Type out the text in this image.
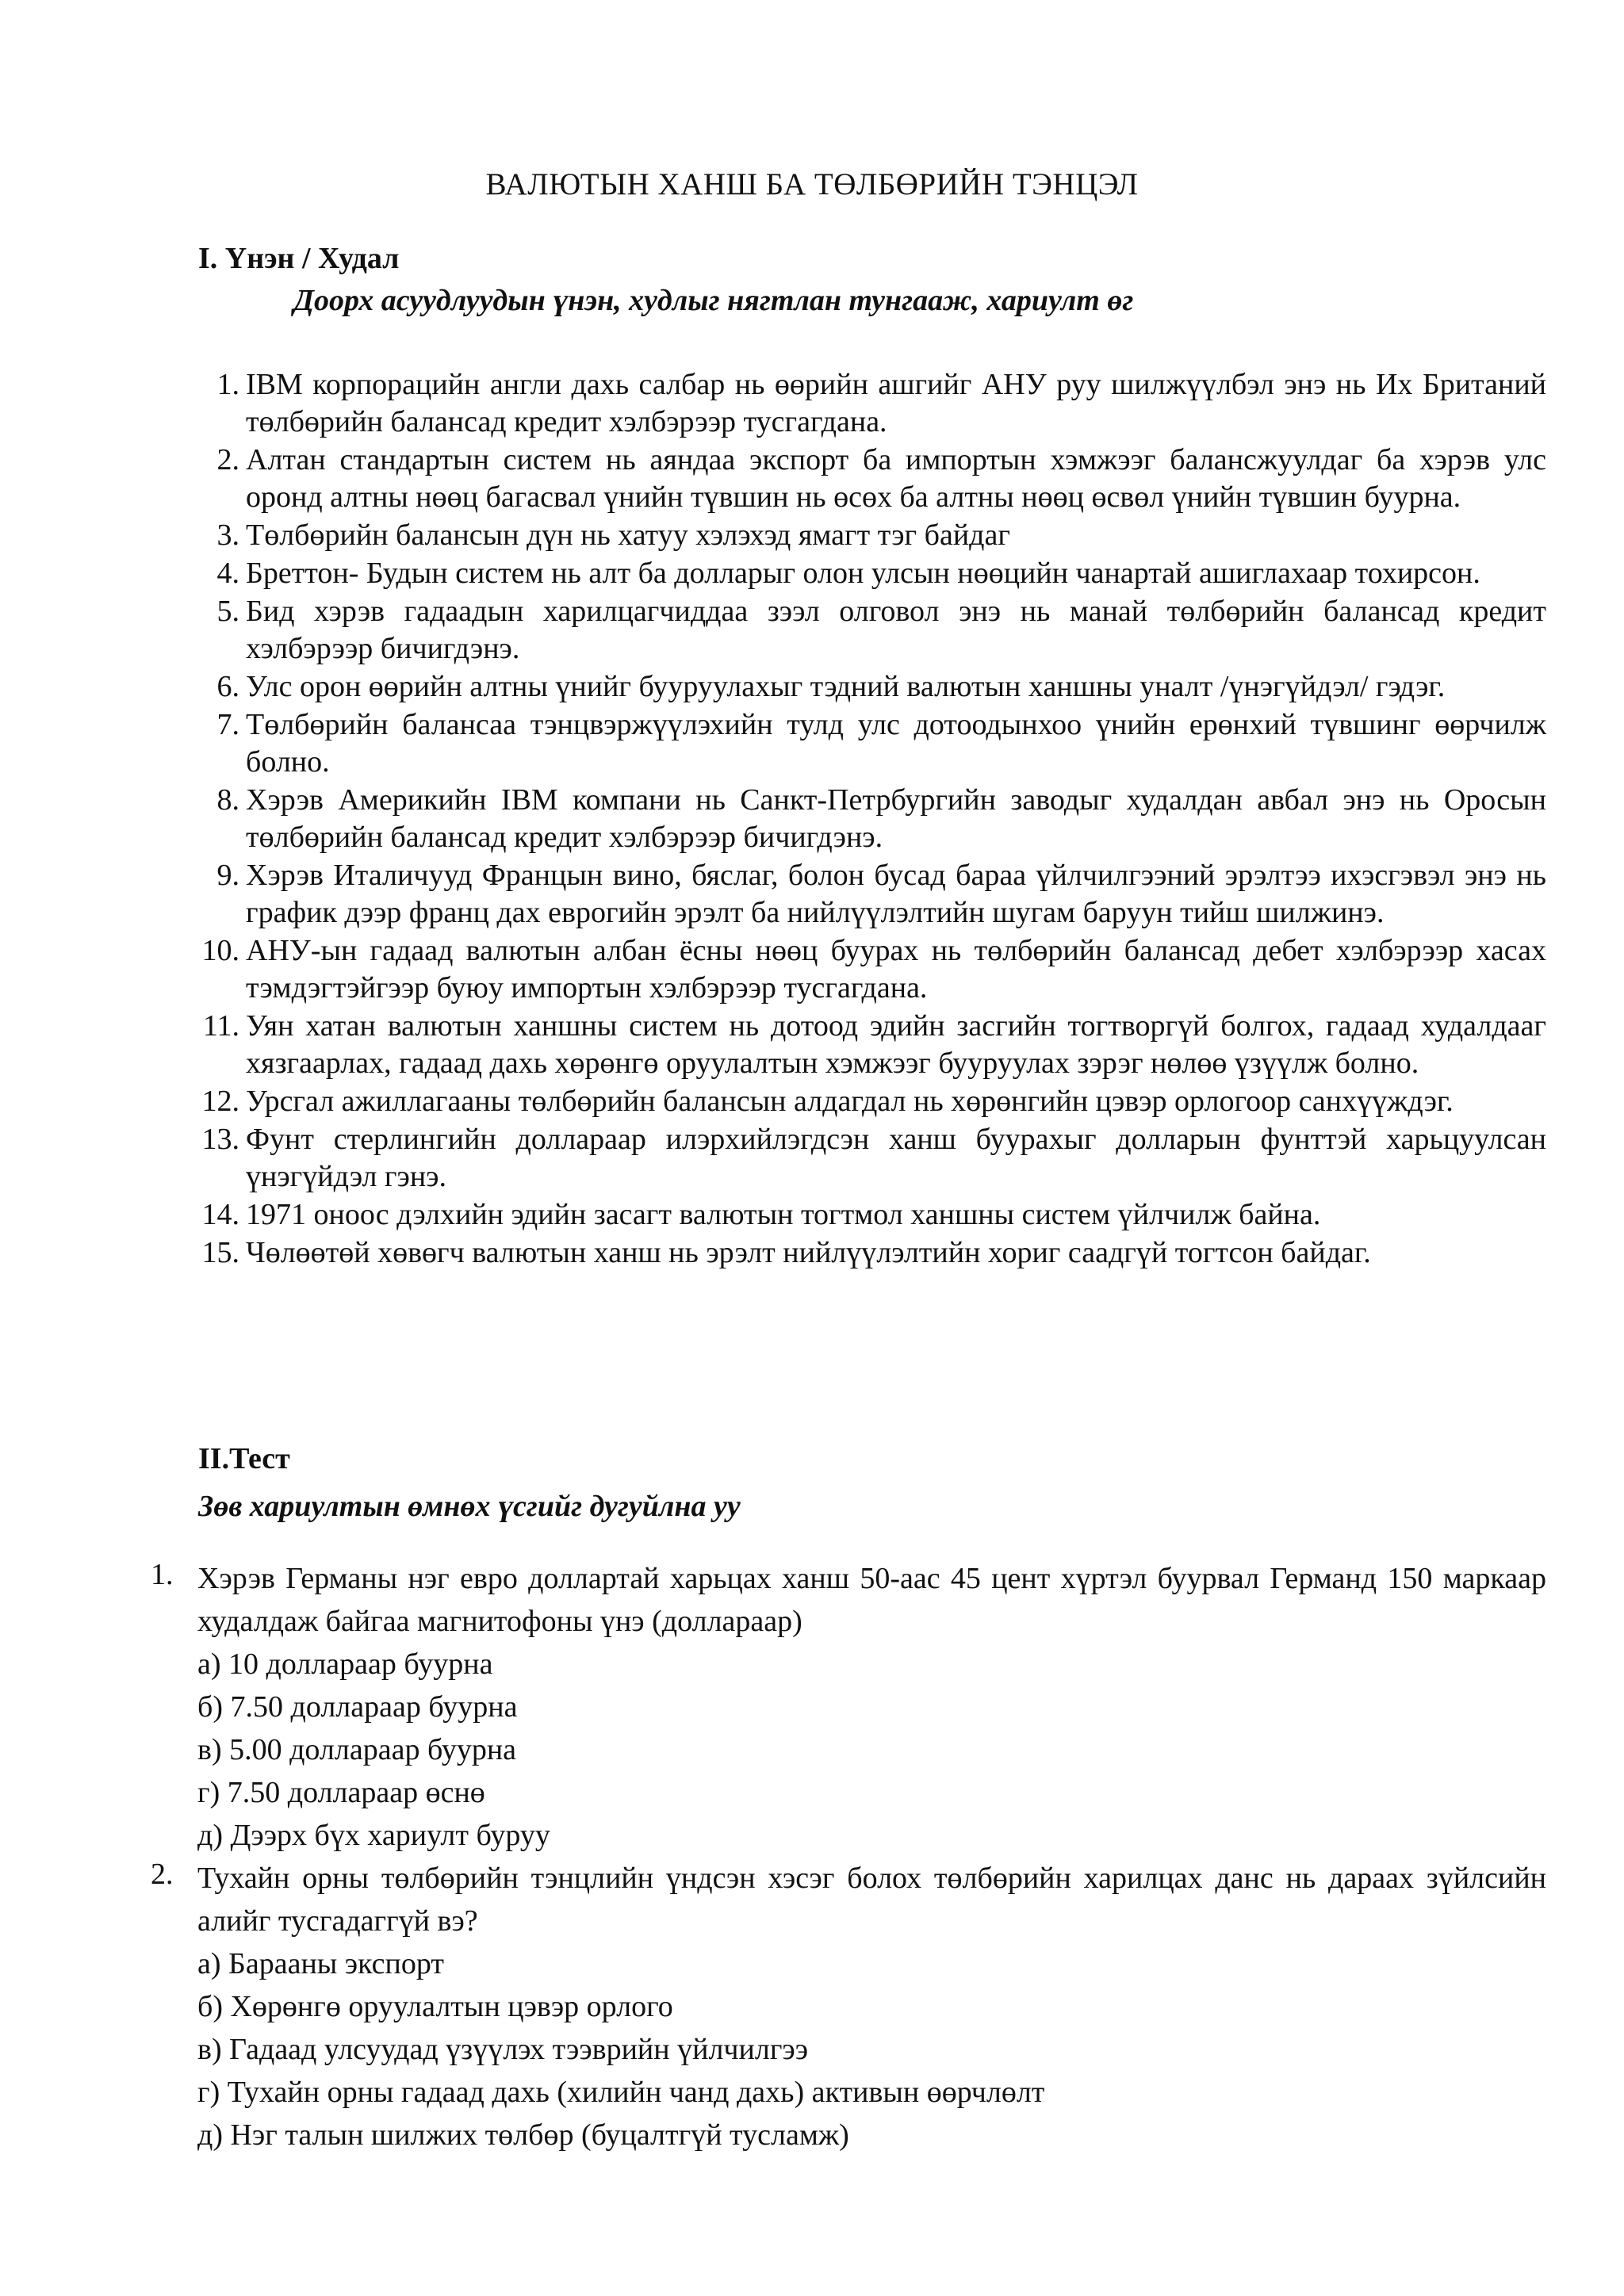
ВАЛЮТЫН ХАНШ БА ТӨЛБӨРИЙН ТЭНЦЭЛ
I. Үнэн / Худал

Доорх асуудлуудын үнэн, худлыг нягтлан тунгааж, хариулт өг

1. IBM корпорацийн англи дахь салбар нь өөрийн ашгийг АНУ руу шилжүүлбэл энэ нь Их Британий төлбөрийн балансад кредит хэлбэрээр тусгагдана.
2. Алтан стандартын систем нь аяндаа экспорт ба импортын хэмжээг балансжуулдаг ба хэрэв улс оронд алтны нөөц багасвал үнийн түвшин нь өсөх ба алтны нөөц өсвөл үнийн түвшин буурна.
3. Төлбөрийн балансын дүн нь хатуу хэлэхэд ямагт тэг байдаг
4. Бреттон- Будын систем нь алт ба долларыг олон улсын нөөцийн чанартай ашиглахаар тохирсон.
5. Бид хэрэв гадаадын харилцагчиддаа зээл олговол энэ нь манай төлбөрийн балансад кредит хэлбэрээр бичигдэнэ.
6. Улс орон өөрийн алтны үнийг бууруулахыг тэдний валютын ханшны уналт /үнэгүйдэл/ гэдэг.
7. Төлбөрийн балансаа тэнцвэржүүлэхийн тулд улс дотоодынхоо үнийн ерөнхий түвшинг өөрчилж болно.
8. Хэрэв Америкийн IBM компани нь Санкт-Петрбургийн заводыг худалдан авбал энэ нь Оросын төлбөрийн балансад кредит хэлбэрээр бичигдэнэ.
9. Хэрэв Италичууд Францын вино, бяслаг, болон бусад бараа үйлчилгээний эрэлтээ ихэсгэвэл энэ нь график дээр франц дах еврогийн эрэлт ба нийлүүлэлтийн шугам баруун тийш шилжинэ.
10. АНУ-ын гадаад валютын албан ёсны нөөц буурах нь төлбөрийн балансад дебет хэлбэрээр хасах тэмдэгтэйгээр буюу импортын хэлбэрээр тусгагдана.
11. Уян хатан валютын ханшны систем нь дотоод эдийн засгийн тогтворгүй болгох, гадаад худалдааг хязгаарлах, гадаад дахь хөрөнгө оруулалтын хэмжээг бууруулах зэрэг нөлөө үзүүлж болно.
12. Урсгал ажиллагааны төлбөрийн балансын алдагдал нь хөрөнгийн цэвэр орлогоор санхүүждэг.
13. Фунт стерлингийн доллараар илэрхийлэгдсэн ханш буурахыг долларын фунттэй харьцуулсан үнэгүйдэл гэнэ.
14. 1971 оноос дэлхийн эдийн засагт валютын тогтмол ханшны систем үйлчилж байна.
15. Чөлөөтөй хөвөгч валютын ханш нь эрэлт нийлүүлэлтийн хориг саадгүй тогтсон байдаг.
II.Тест

Зөв хариултын өмнөх үсгийг дугуйлна уу

1. Хэрэв Германы нэг евро доллартай харьцах ханш 50-аас 45 цент хүртэл буурвал Германд 150 маркаар худалдаж байгаа магнитофоны үнэ (доллараар)

а) 10 доллараар буурна
б) 7.50 доллараар буурна
в) 5.00 доллараар буурна
г) 7.50 доллараар өснө
д) Дээрх бүх хариулт буруу
2. Тухайн орны төлбөрийн тэнцлийн үндсэн хэсэг болох төлбөрийн харилцах данс нь дараах зүйлсийн алийг тусгадаггүй вэ?

а) Барааны экспорт
б) Хөрөнгө оруулалтын цэвэр орлого
в) Гадаад улсуудад үзүүлэх тээврийн үйлчилгээ
г) Тухайн орны гадаад дахь (хилийн чанд дахь) активын өөрчлөлт
д) Нэг талын шилжих төлбөр (буцалтгүй тусламж)
